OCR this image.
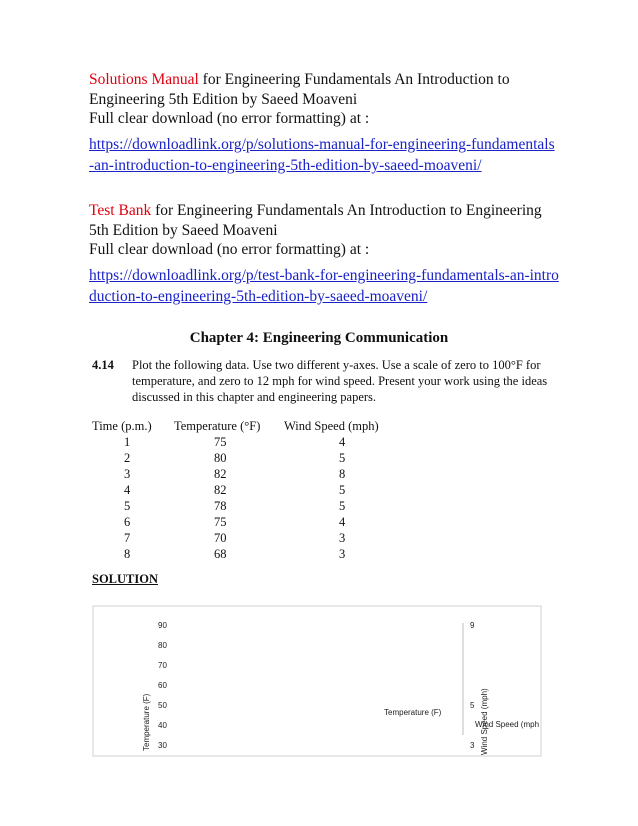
Solutions Manual for Engineering Fundamentals An Introduction to Engineering 5th Edition by Saeed Moaveni
Full clear download (no error formatting) at :
https://downloadlink.org/p/solutions-manual-for-engineering-fundamentals-an-introduction-to-engineering-5th-edition-by-saeed-moaveni/
Test Bank for Engineering Fundamentals An Introduction to Engineering 5th Edition by Saeed Moaveni
Full clear download (no error formatting) at :
https://downloadlink.org/p/test-bank-for-engineering-fundamentals-an-introduction-to-engineering-5th-edition-by-saeed-moaveni/
Chapter 4: Engineering Communication
4.14 Plot the following data. Use two different y-axes. Use a scale of zero to 100°F for temperature, and zero to 12 mph for wind speed. Present your work using the ideas discussed in this chapter and engineering papers.
Time (p.m.)	Temperature (°F)	Wind Speed (mph)
1	75	4
2	80	5
3	82	8
4	82	5
5	78	5
6	75	4
7	70	3
8	68	3
SOLUTION
Temperature (F)	Wind Speed (mph)
Temperature (F)
Wind Speed (mph
90
80
70
60
50
40
30
9
5
3
